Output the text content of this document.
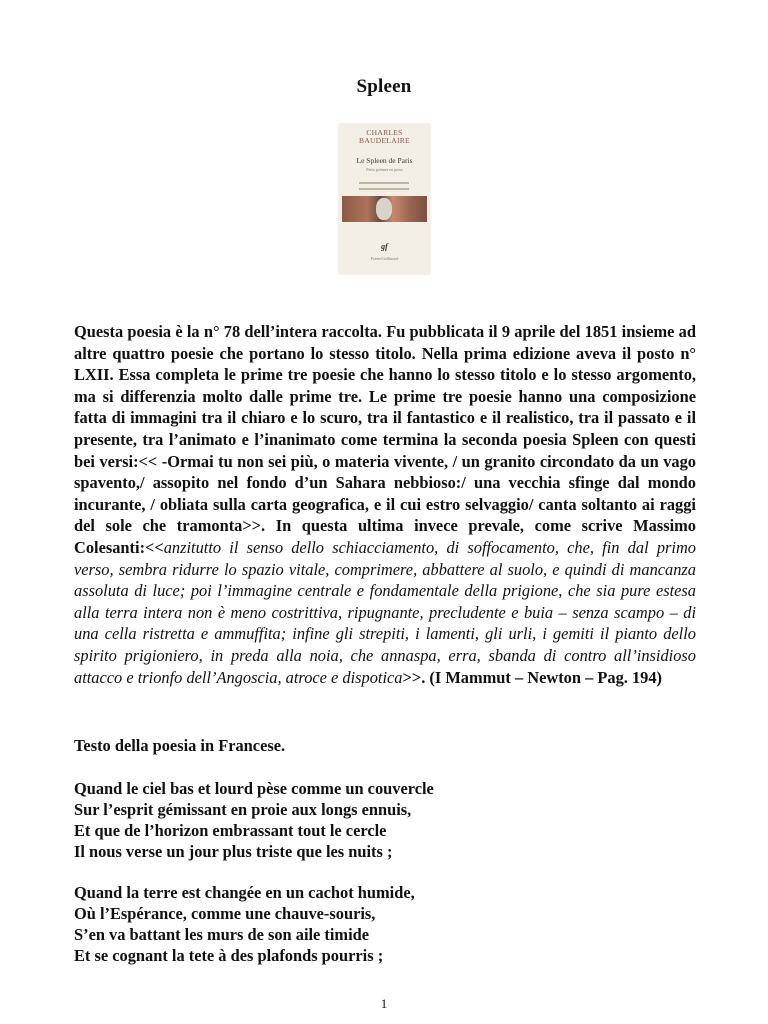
Spleen
CHARLES
BAUDELAIRE
Le Spleen de Paris
Petits poèmes en prose
gf
Poésie/Gallimard
Questa poesia è la n° 78 dell’intera raccolta. Fu pubblicata il 9 aprile del 1851 insieme ad altre quattro poesie che portano lo stesso titolo. Nella prima edizione aveva il posto n° LXII. Essa completa le prime tre poesie che hanno lo stesso titolo e lo stesso argomento, ma si differenzia molto dalle prime tre. Le prime tre poesie hanno una composizione fatta di immagini tra il chiaro e lo scuro, tra il fantastico e il realistico, tra il passato e il presente, tra l’animato e l’inanimato come termina la seconda poesia Spleen con questi bei versi:<< -Ormai tu non sei più, o materia vivente, / un granito circondato da un vago spavento,/ assopito nel fondo d’un Sahara nebbioso:/ una vecchia sfinge dal mondo incurante, / obliata sulla carta geografica, e il cui estro selvaggio/ canta soltanto ai raggi del sole che tramonta>>. In questa ultima invece prevale, come scrive Massimo Colesanti:<<anzitutto il senso dello schiacciamento, di soffocamento, che, fin dal primo verso, sembra ridurre lo spazio vitale, comprimere, abbattere al suolo, e quindi di mancanza assoluta di luce; poi l’immagine centrale e fondamentale della prigione, che sia pure estesa alla terra intera non è meno costrittiva, ripugnante, precludente e buia – senza scampo – di una cella ristretta e ammuffita; infine gli strepiti, i lamenti, gli urli, i gemiti il pianto dello spirito prigioniero, in preda alla noia, che annaspa, erra, sbanda di contro all’insidioso attacco e trionfo dell’Angoscia, atroce e dispotica>>. (I Mammut – Newton – Pag. 194)
Testo della poesia in Francese.
Quand le ciel bas et lourd pèse comme un couvercle
Sur l’esprit gémissant en proie aux longs ennuis,
Et que de l’horizon embrassant tout le cercle
Il nous verse un jour plus triste que les nuits ;
Quand la terre est changée en un cachot humide,
Où l’Espérance, comme une chauve-souris,
S’en va battant les murs de son aile timide
Et se cognant la tete à des plafonds pourris ;
1
